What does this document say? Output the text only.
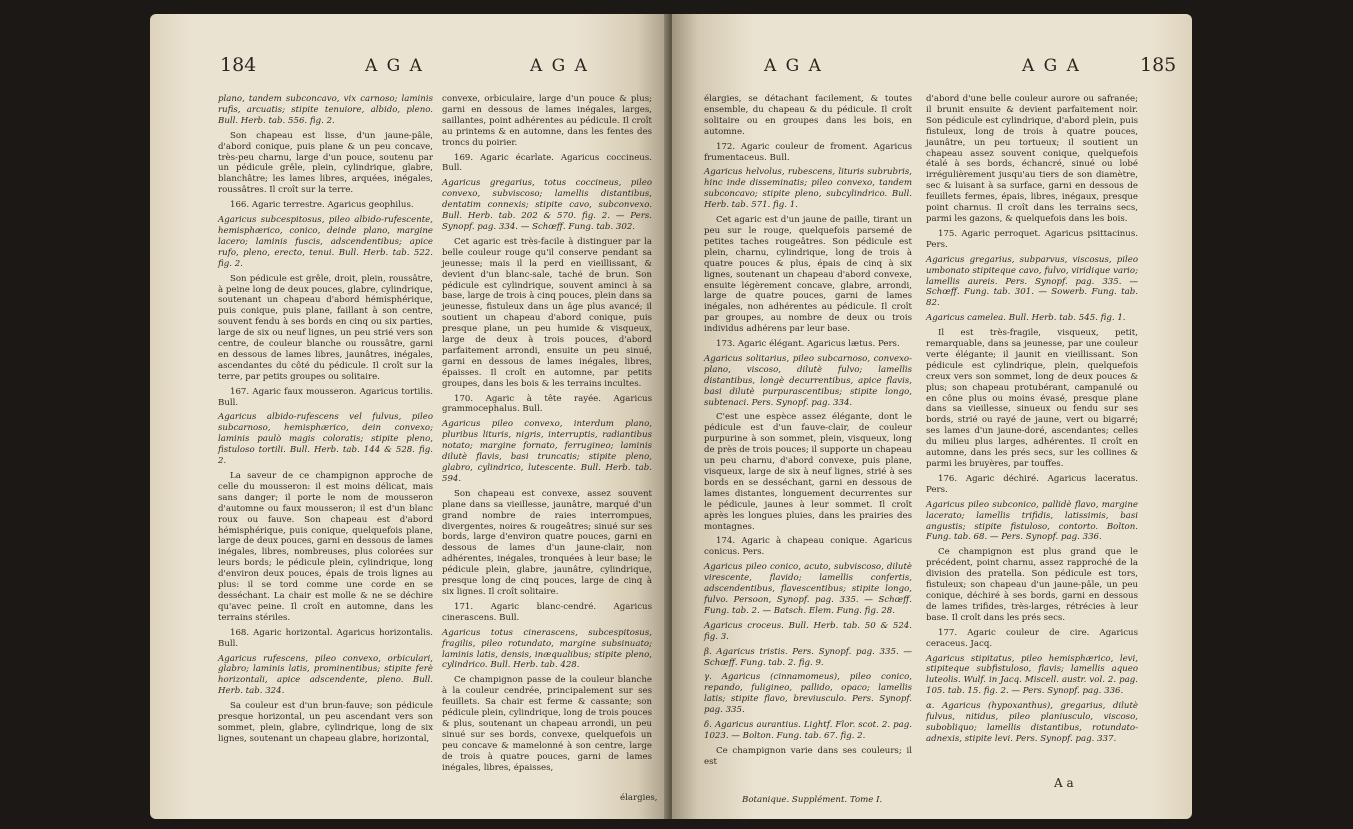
184	A G A	A G A

plano, tandem subconcavo, vix carnoso; laminis rufis, arcuatis; stipite tenuiore, albido, pleno. Bull. Herb. tab. 556. fig. 2.

Son chapeau est lisse, d'un jaune-pâle, d'abord conique, puis plane & un peu concave, très-peu charnu, large d'un pouce, soutenu par un pédicule grêle, plein, cylindrique, glabre, blanchâtre; les lames libres, arquées, inégales, roussâtres. Il croît sur la terre.

166. Agaric terrestre. Agaricus geophilus.

Agaricus subcespitosus, pileo albido-rufescente, hemisphærico, conico, deinde plano, margine lacero; laminis fuscis, adscendentibus; apice rufo, pleno, erecto, tenui. Bull. Herb. tab. 522. fig. 2.

Son pédicule est grêle, droit, plein, roussâtre, à peine long de deux pouces, glabre, cylindrique, soutenant un chapeau d'abord hémisphérique, puis conique, puis plane, faillant à son centre, souvent fendu à ses bords en cinq ou six parties, large de six ou neuf lignes, un peu strié vers son centre, de couleur blanche ou roussâtre, garni en dessous de lames libres, jaunâtres, inégales, ascendantes du côté du pédicule. Il croît sur la terre, par petits groupes ou solitaire.

167. Agaric faux mousseron. Agaricus tortilis. Bull.

Agaricus albido-rufescens vel fulvus, pileo subcarnoso, hemisphærico, dein convexo; laminis paulò magis coloratis; stipite pleno, fistuloso tortili. Bull. Herb. tab. 144 & 528. fig. 2.

La saveur de ce champignon approche de celle du mousseron: il est moins délicat, mais sans danger; il porte le nom de mousseron d'automne ou faux mousseron; il est d'un blanc roux ou fauve. Son chapeau est d'abord hémisphérique, puis conique, quelquefois plane, large de deux pouces, garni en dessous de lames inégales, libres, nombreuses, plus colorées sur leurs bords; le pédicule plein, cylindrique, long d'environ deux pouces, épais de trois lignes au plus: il se tord comme une corde en se desséchant. La chair est molle & ne se déchire qu'avec peine. Il croît en automne, dans les terrains stériles.

168. Agaric horizontal. Agaricus horizontalis. Bull.

Agaricus rufescens, pileo convexo, orbiculari, glabro; laminis latis, prominentibus; stipite ferè horizontali, apice adscendente, pleno. Bull. Herb. tab. 324.

Sa couleur est d'un brun-fauve; son pédicule presque horizontal, un peu ascendant vers son sommet, plein, glabre, cylindrique, long de six lignes, soutenant un chapeau glabre, horizontal,

convexe, orbiculaire, large d'un pouce & plus; garni en dessous de lames inégales, larges, saillantes, point adhérentes au pédicule. Il croît au printems & en automne, dans les fentes des troncs du poirier.

169. Agaric écarlate. Agaricus coccineus. Bull.

Agaricus gregarius, totus coccineus, pileo convexo, subviscoso; lamellis distantibus, dentatim connexis; stipite cavo, subconvexo. Bull. Herb. tab. 202 & 570. fig. 2. — Pers. Synopf. pag. 334. — Schœff. Fung. tab. 302.

Cet agaric est très-facile à distinguer par la belle couleur rouge qu'il conserve pendant sa jeunesse; mais il la perd en vieillissant, & devient d'un blanc-sale, taché de brun. Son pédicule est cylindrique, souvent aminci à sa base, large de trois à cinq pouces, plein dans sa jeunesse, fistuleux dans un âge plus avancé; il soutient un chapeau d'abord conique, puis presque plane, un peu humide & visqueux, large de deux à trois pouces, d'abord parfaitement arrondi, ensuite un peu sinué, garni en dessous de lames inégales, libres, épaisses. Il croît en automne, par petits groupes, dans les bois & les terrains incultes.

170. Agaric à tête rayée. Agaricus grammocephalus. Bull.

Agaricus pileo convexo, interdum plano, pluribus lituris, nigris, interruptis, radiantibus notato; margine fornato, ferrugineo; laminis dilutè flavis, basi truncatis; stipite pleno, glabro, cylindrico, lutescente. Bull. Herb. tab. 594.

Son chapeau est convexe, assez souvent plane dans sa vieillesse, jaunâtre, marqué d'un grand nombre de raies interrompues, divergentes, noires & rougeâtres; sinué sur ses bords, large d'environ quatre pouces, garni en dessous de lames d'un jaune-clair, non adhérentes, inégales, tronquées à leur base; le pédicule plein, glabre, jaunâtre, cylindrique, presque long de cinq pouces, large de cinq à six lignes. Il croît solitaire.

171. Agaric blanc-cendré. Agaricus cinerascens. Bull.

Agaricus totus cinerascens, subcespitosus, fragilis, pileo rotundato, margine subsinuato; laminis latis, densis, inæqualibus; stipite pleno, cylindrico. Bull. Herb. tab. 428.

Ce champignon passe de la couleur blanche à la couleur cendrée, principalement sur ses feuillets. Sa chair est ferme & cassante; son pédicule plein, cylindrique, long de trois pouces & plus, soutenant un chapeau arrondi, un peu sinué sur ses bords, convexe, quelquefois un peu concave & mamelonné à son centre, large de trois à quatre pouces, garni de lames inégales, libres, épaisses,

élargies,
A G A	A G A	185

élargies, se détachant facilement, & toutes ensemble, du chapeau & du pédicule. Il croît solitaire ou en groupes dans les bois, en automne.

172. Agaric couleur de froment. Agaricus frumentaceus. Bull.

Agaricus helvolus, rubescens, lituris subrubris, hinc inde disseminatis; pileo convexo, tandem subconcavo; stipite pleno, subcylindrico. Bull. Herb. tab. 571. fig. 1.

Cet agaric est d'un jaune de paille, tirant un peu sur le rouge, quelquefois parsemé de petites taches rougeâtres. Son pédicule est plein, charnu, cylindrique, long de trois à quatre pouces & plus, épais de cinq à six lignes, soutenant un chapeau d'abord convexe, ensuite légèrement concave, glabre, arrondi, large de quatre pouces, garni de lames inégales, non adhérentes au pédicule. Il croît par groupes, au nombre de deux ou trois individus adhérens par leur base.

173. Agaric élégant. Agaricus lætus. Pers.

Agaricus solitarius, pileo subcarnoso, convexo-plano, viscoso, dilutè fulvo; lamellis distantibus, longè decurrentibus, apice flavis, basi dilutè purpurascentibus; stipite longo, subtenaci. Pers. Synopf. pag. 334.

C'est une espèce assez élégante, dont le pédicule est d'un fauve-clair, de couleur purpurine à son sommet, plein, visqueux, long de près de trois pouces; il supporte un chapeau un peu charnu, d'abord convexe, puis plane, visqueux, large de six à neuf lignes, strié à ses bords en se desséchant, garni en dessous de lames distantes, longuement decurrentes sur le pédicule, jaunes à leur sommet. Il croît après les longues pluies, dans les prairies des montagnes.

174. Agaric à chapeau conique. Agaricus conicus. Pers.

Agaricus pileo conico, acuto, subviscoso, dilutè virescente, flavido; lamellis confertis, adscendentibus, flavescentibus; stipite longo, fulvo. Persoon, Synopf. pag. 335. — Schœff. Fung. tab. 2. — Batsch. Elem. Fung. fig. 28.

Agaricus croceus. Bull. Herb. tab. 50 & 524. fig. 3.

β. Agaricus tristis. Pers. Synopf. pag. 335. — Schœff. Fung. tab. 2. fig. 9.

γ. Agaricus (cinnamomeus), pileo conico, repando, fuligineo, pallido, opaco; lamellis latis; stipite flavo, breviusculo. Pers. Synopf. pag. 335.

δ. Agaricus aurantius. Lightf. Flor. scot. 2. pag. 1023. — Bolton. Fung. tab. 67. fig. 2.

Ce champignon varie dans ses couleurs; il est

d'abord d'une belle couleur aurore ou safranée; il brunit ensuite & devient parfaitement noir. Son pédicule est cylindrique, d'abord plein, puis fistuleux, long de trois à quatre pouces, jaunâtre, un peu tortueux; il soutient un chapeau assez souvent conique, quelquefois étalé à ses bords, échancré, sinué ou lobé irrégulièrement jusqu'au tiers de son diamètre, sec & luisant à sa surface, garni en dessous de feuillets fermes, épais, libres, inégaux, presque point charnus. Il croît dans les terrains secs, parmi les gazons, & quelquefois dans les bois.

175. Agaric perroquet. Agaricus psittacinus. Pers.

Agaricus gregarius, subparvus, viscosus, pileo umbonato stipiteque cavo, fulvo, viridique vario; lamellis aureis. Pers. Synopf. pag. 335. — Schœff. Fung. tab. 301. — Sowerb. Fung. tab. 82.

Agaricus camelea. Bull. Herb. tab. 545. fig. 1.

Il est très-fragile, visqueux, petit, remarquable, dans sa jeunesse, par une couleur verte élégante; il jaunit en vieillissant. Son pédicule est cylindrique, plein, quelquefois creux vers son sommet, long de deux pouces & plus; son chapeau protubérant, campanulé ou en cône plus ou moins évasé, presque plane dans sa vieillesse, sinueux ou fendu sur ses bords, strié ou rayé de jaune, vert ou bigarré; ses lames d'un jaune-doré, ascendantes; celles du milieu plus larges, adhérentes. Il croît en automne, dans les prés secs, sur les collines & parmi les bruyères, par touffes.

176. Agaric déchiré. Agaricus laceratus. Pers.

Agaricus pileo subconico, pallidè flavo, margine lacerato; lamellis trifidis, latissimis, basi angustis; stipite fistuloso, contorto. Bolton. Fung. tab. 68. — Pers. Synopf. pag. 336.

Ce champignon est plus grand que le précédent, point charnu, assez rapproché de la division des pratella. Son pédicule est tors, fistuleux; son chapeau d'un jaune-pâle, un peu conique, déchiré à ses bords, garni en dessous de lames trifides, très-larges, rétrécies à leur base. Il croît dans les prés secs.

177. Agaric couleur de cire. Agaricus ceraceus. Jacq.

Agaricus stipitatus, pileo hemisphærico, levi, stipiteque subfistuloso, flavis; lamellis aqueo luteolis. Wulf. in Jacq. Miscell. austr. vol. 2. pag. 105. tab. 15. fig. 2. — Pers. Synopf. pag. 336.

α. Agaricus (hypoxanthus), gregarius, dilutè fulvus, nitidus, pileo planiusculo, viscoso, subobliquo; lamellis distantibus, rotundato-adnexis, stipite levi. Pers. Synopf. pag. 337.

Botanique. Supplément. Tome I.
A a
